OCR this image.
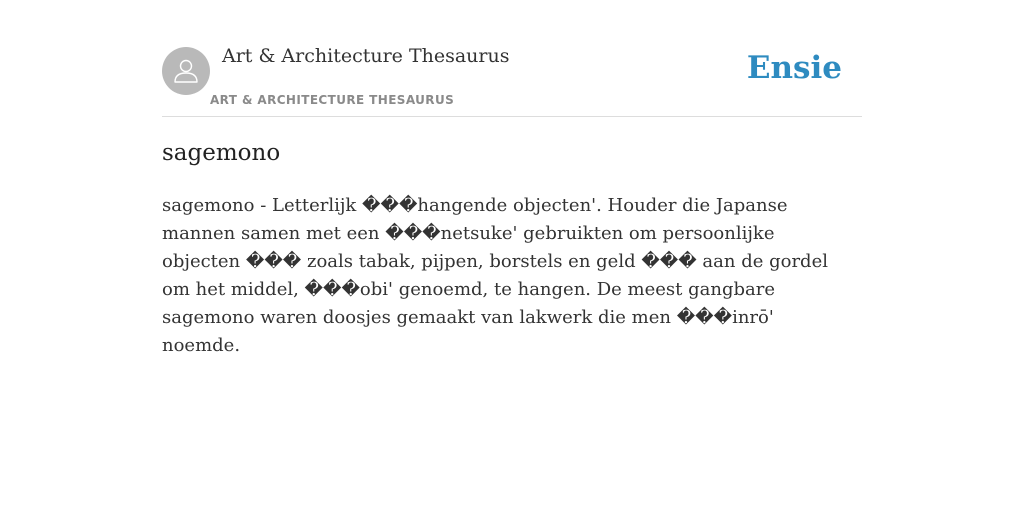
Art & Architecture Thesaurus
ART & ARCHITECTURE THESAURUS
Ensie
sagemono

sagemono - Letterlijk ���hangende objecten'. Houder die Japanse mannen samen met een ���netsuke' gebruikten om persoonlijke objecten ��� zoals tabak, pijpen, borstels en geld ��� aan de gordel om het middel, ���obi' genoemd, te hangen. De meest gangbare sagemono waren doosjes gemaakt van lakwerk die men ���inrō' noemde.
